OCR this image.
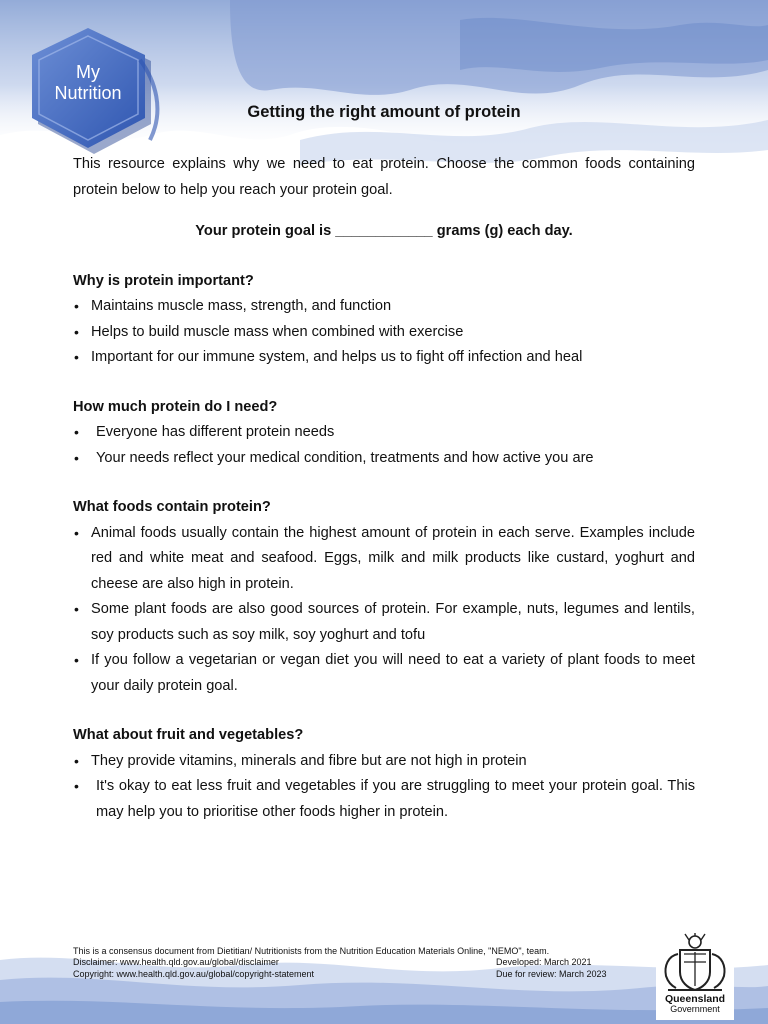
My
Nutrition
Getting the right amount of protein

This resource explains why we need to eat protein. Choose the common foods containing protein below to help you reach your protein goal.

Your protein goal is ____________ grams (g) each day.

Why is protein important?

• Maintains muscle mass, strength, and function
• Helps to build muscle mass when combined with exercise
• Important for our immune system, and helps us to fight off infection and heal

How much protein do I need?

• Everyone has different protein needs
• Your needs reflect your medical condition, treatments and how active you are

What foods contain protein?

• Animal foods usually contain the highest amount of protein in each serve. Examples include red and white meat and seafood. Eggs, milk and milk products like custard, yoghurt and cheese are also high in protein.
• Some plant foods are also good sources of protein. For example, nuts, legumes and lentils, soy products such as soy milk, soy yoghurt and tofu
• If you follow a vegetarian or vegan diet you will need to eat a variety of plant foods to meet your daily protein goal.

What about fruit and vegetables?

• They provide vitamins, minerals and fibre but are not high in protein
• It's okay to eat less fruit and vegetables if you are struggling to meet your protein goal. This may help you to prioritise other foods higher in protein.
This is a consensus document from Dietitian/ Nutritionists from the Nutrition Education Materials Online, "NEMO", team.
Disclaimer: www.health.qld.gov.au/global/disclaimer	Developed: March 2021
Copyright: www.health.qld.gov.au/global/copyright-statement	Due for review: March 2023
Queensland
Government
